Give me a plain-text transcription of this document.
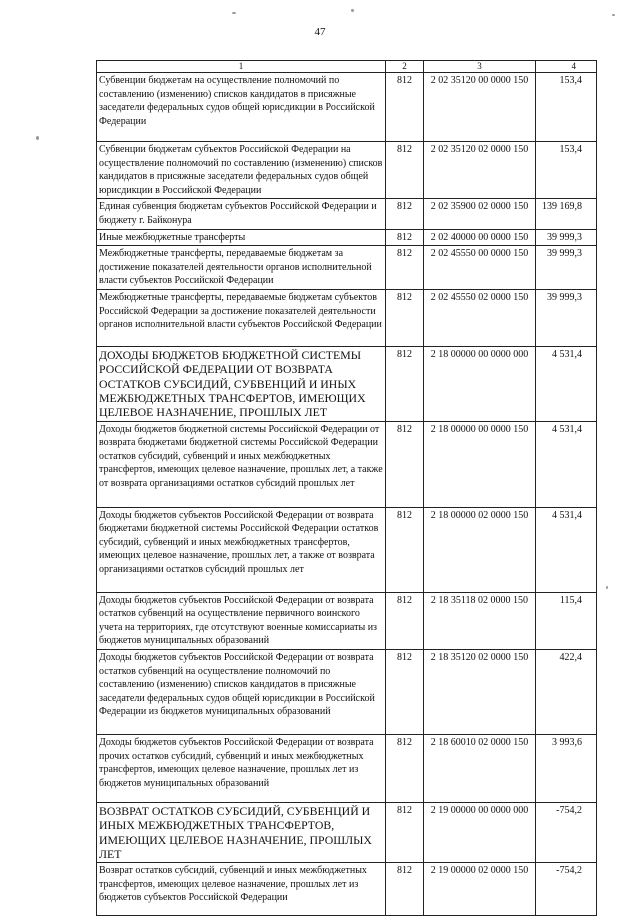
47
1	2	3	4
Субвенции бюджетам на осуществление полномочий по составлению (изменению) списков кандидатов в присяжные заседатели федеральных судов общей юрисдикции в Российской Федерации	812	2 02 35120 00 0000 150	153,4
Субвенции бюджетам субъектов Российской Федерации на осуществление полномочий по составлению (изменению) списков кандидатов в присяжные заседатели федеральных судов общей юрисдикции в Российской Федерации	812	2 02 35120 02 0000 150	153,4
Единая субвенция бюджетам субъектов Российской Федерации и бюджету г. Байконура	812	2 02 35900 02 0000 150	139 169,8
Иные межбюджетные трансферты	812	2 02 40000 00 0000 150	39 999,3
Межбюджетные трансферты, передаваемые бюджетам за достижение показателей деятельности органов исполнительной власти субъектов Российской Федерации	812	2 02 45550 00 0000 150	39 999,3
Межбюджетные трансферты, передаваемые бюджетам субъектов Российской Федерации за достижение показателей деятельности органов исполнительной власти субъектов Российской Федерации	812	2 02 45550 02 0000 150	39 999,3
ДОХОДЫ БЮДЖЕТОВ БЮДЖЕТНОЙ СИСТЕМЫ РОССИЙСКОЙ ФЕДЕРАЦИИ ОТ ВОЗВРАТА ОСТАТКОВ СУБСИДИЙ, СУБВЕНЦИЙ И ИНЫХ МЕЖБЮДЖЕТНЫХ ТРАНСФЕРТОВ, ИМЕЮЩИХ ЦЕЛЕВОЕ НАЗНАЧЕНИЕ, ПРОШЛЫХ ЛЕТ	812	2 18 00000 00 0000 000	4 531,4
Доходы бюджетов бюджетной системы Российской Федерации от возврата бюджетами бюджетной системы Российской Федерации остатков субсидий, субвенций и иных межбюджетных трансфертов, имеющих целевое назначение, прошлых лет, а также от возврата организациями остатков субсидий прошлых лет	812	2 18 00000 00 0000 150	4 531,4
Доходы бюджетов субъектов Российской Федерации от возврата бюджетами бюджетной системы Российской Федерации остатков субсидий, субвенций и иных межбюджетных трансфертов, имеющих целевое назначение, прошлых лет, а также от возврата организациями остатков субсидий прошлых лет	812	2 18 00000 02 0000 150	4 531,4
Доходы бюджетов субъектов Российской Федерации от возврата остатков субвенций на осуществление первичного воинского учета на территориях, где отсутствуют военные комиссариаты из бюджетов муниципальных образований	812	2 18 35118 02 0000 150	115,4
Доходы бюджетов субъектов Российской Федерации от возврата остатков субвенций на осуществление полномочий по составлению (изменению) списков кандидатов в присяжные заседатели федеральных судов общей юрисдикции в Российской Федерации из бюджетов муниципальных образований	812	2 18 35120 02 0000 150	422,4
Доходы бюджетов субъектов Российской Федерации от возврата прочих остатков субсидий, субвенций и иных межбюджетных трансфертов, имеющих целевое назначение, прошлых лет из бюджетов муниципальных образований	812	2 18 60010 02 0000 150	3 993,6
ВОЗВРАТ ОСТАТКОВ СУБСИДИЙ, СУБВЕНЦИЙ И ИНЫХ МЕЖБЮДЖЕТНЫХ ТРАНСФЕРТОВ, ИМЕЮЩИХ ЦЕЛЕВОЕ НАЗНАЧЕНИЕ, ПРОШЛЫХ ЛЕТ	812	2 19 00000 00 0000 000	-754,2
Возврат остатков субсидий, субвенций и иных межбюджетных трансфертов, имеющих целевое назначение, прошлых лет из бюджетов субъектов Российской Федерации	812	2 19 00000 02 0000 150	-754,2
